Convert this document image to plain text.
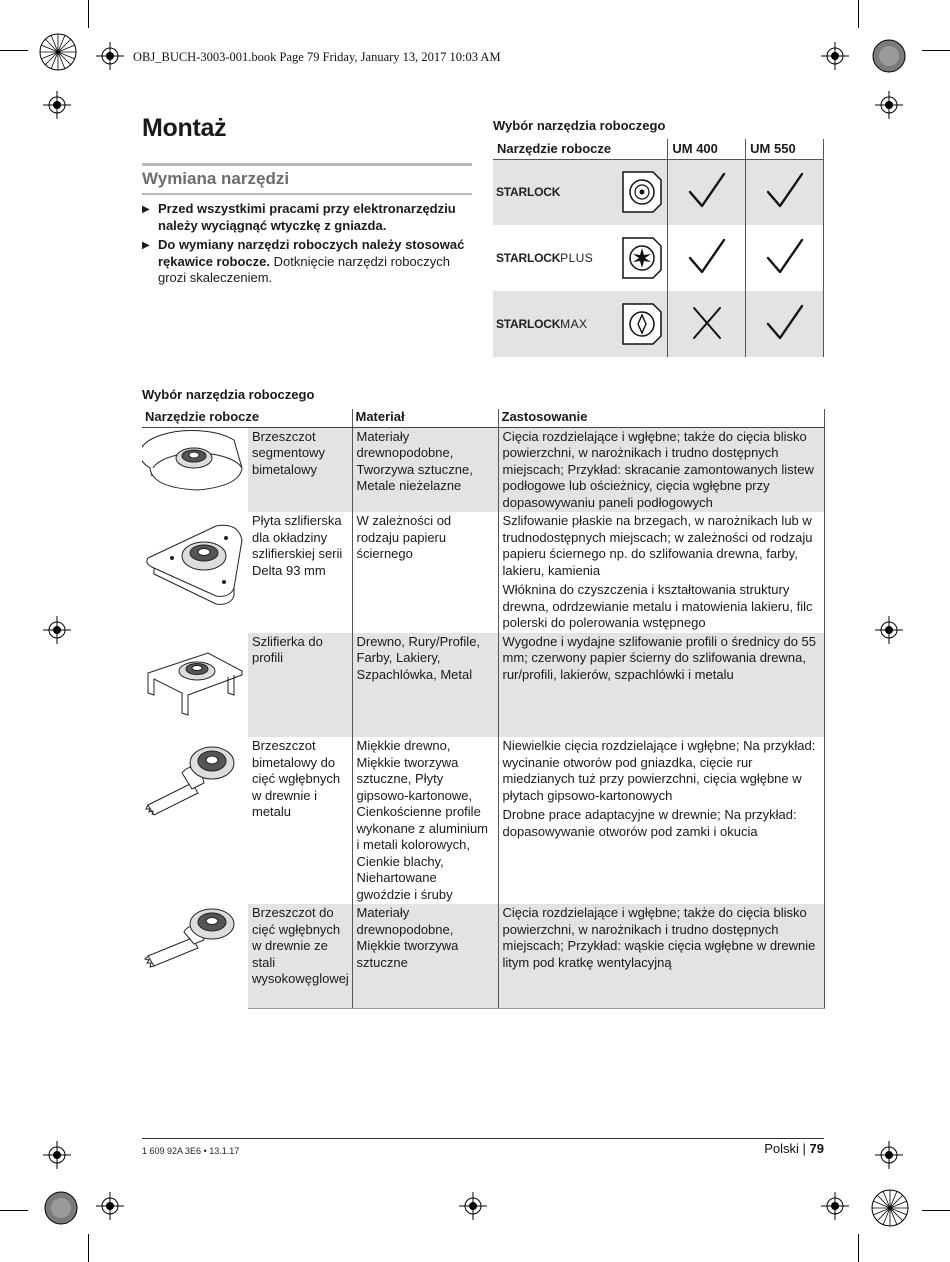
OBJ_BUCH-3003-001.book Page 79 Friday, January 13, 2017 10:03 AM
Montaż
Wymiana narzędzi
▶ Przed wszystkimi pracami przy elektronarzędziu należy wyciągnąć wtyczkę z gniazda.
▶ Do wymiany narzędzi roboczych należy stosować rękawice robocze. Dotknięcie narzędzi roboczych grozi skaleczeniem.
Wybór narzędzia roboczego
Narzędzie robocze	UM 400	UM 550

STARLOCK

STARLOCKPLUS

STARLOCKMAX

Wybór narzędzia roboczego
Narzędzie robocze		Materiał	Zastosowanie
	Brzeszczot segmentowy bimetalowy	Materiały drewnopodobne, Tworzywa sztuczne, Metale nieżelazne	Cięcia rozdzielające i wgłębne; także do cięcia blisko powierzchni, w narożnikach i trudno dostępnych miejscach; Przykład: skracanie zamontowanych listew podłogowe lub ościeżnicy, cięcia wgłębne przy dopasowywaniu paneli podłogowych

	Płyta szlifierska dla okładziny szlifierskiej serii Delta 93 mm	W zależności od rodzaju papieru ściernego	Szlifowanie płaskie na brzegach, w narożnikach lub w trudnodostępnych miejscach; w zależności od rodzaju papieru ściernego np. do szlifowania drewna, farby, lakieru, kamienia
Włóknina do czyszczenia i kształtowania struktury drewna, odrdzewianie metalu i matowienia lakieru, filc polerski do polerowania wstępnego

	Szlifierka do profili	Drewno, Rury/Profile, Farby, Lakiery, Szpachlówka, Metal	Wygodne i wydajne szlifowanie profili o średnicy do 55 mm; czerwony papier ścierny do szlifowania drewna, rur/profili, lakierów, szpachlówki i metalu

	Brzeszczot bimetalowy do cięć wgłębnych w drewnie i metalu	Miękkie drewno, Miękkie tworzywa sztuczne, Płyty gipsowo-kartonowe, Cienkościenne profile wykonane z aluminium i metali kolorowych, Cienkie blachy, Niehartowane gwoździe i śruby	Niewielkie cięcia rozdzielające i wgłębne; Na przykład: wycinanie otworów pod gniazdka, cięcie rur miedzianych tuż przy powierzchni, cięcia wgłębne w płytach gipsowo-kartonowych
Drobne prace adaptacyjne w drewnie; Na przykład: dopasowywanie otworów pod zamki i okucia

	Brzeszczot do cięć wgłębnych w drewnie ze stali wysokowęglowej	Materiały drewnopodobne, Miękkie tworzywa sztuczne	Cięcia rozdzielające i wgłębne; także do cięcia blisko powierzchni, w narożnikach i trudno dostępnych miejscach; Przykład: wąskie cięcia wgłębne w drewnie litym pod kratkę wentylacyjną
1 609 92A 3E6 • 13.1.17	Polski | 79
